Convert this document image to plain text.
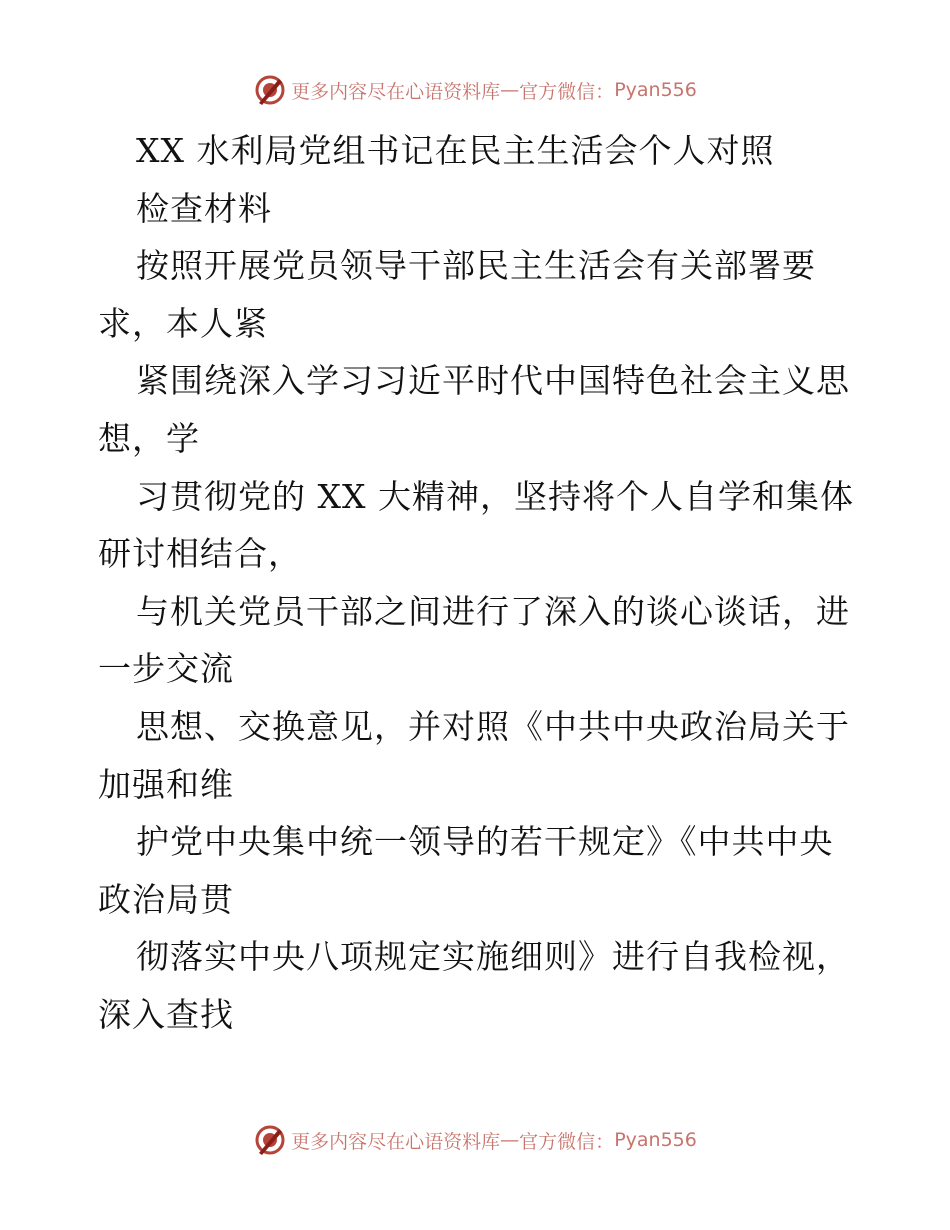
更多内容尽在心语资料库 — 官方微信： Pyan556
XX 水利局党组书记在民主生活会个人对照
检查材料
按照开展党员领导干部民主生活会有关部署要
求，本人紧
紧围绕深入学习习近平时代中国特色社会主义思
想，学
习贯彻党的 XX 大精神，坚持将个人自学和集体
研讨相结合，
与机关党员干部之间进行了深入的谈心谈话，进
一步交流
思想、交换意见，并对照《中共中央政治局关于
加强和维
护党中央集中统一领导的若干规定》《中共中央
政治局贯
彻落实中央八项规定实施细则》进行自我检视，
深入查找
更多内容尽在心语资料库 — 官方微信： Pyan556
